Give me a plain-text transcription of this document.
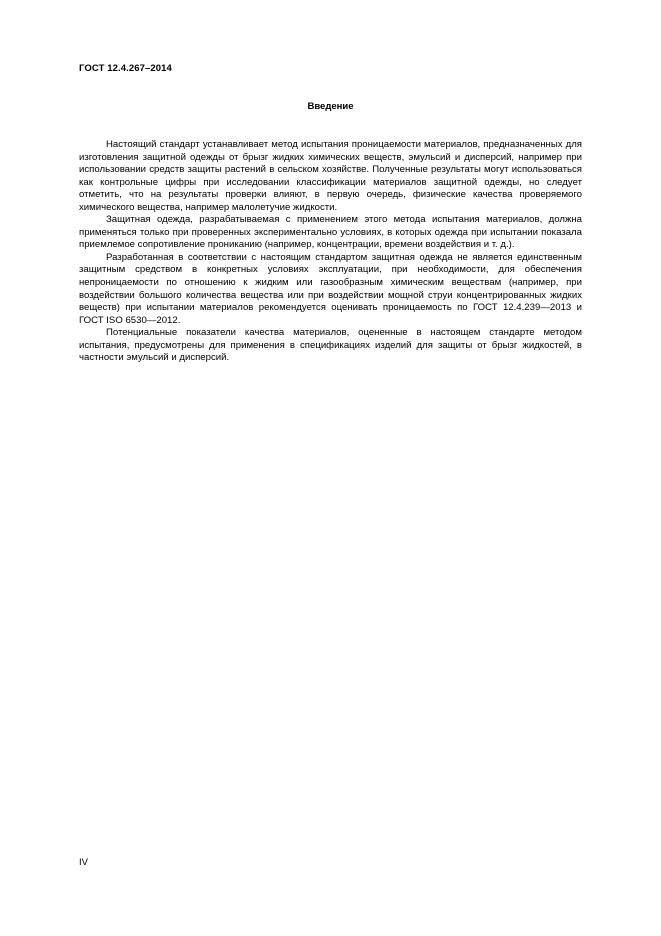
ГОСТ 12.4.267–2014
Введение

Настоящий стандарт устанавливает метод испытания проницаемости материалов, предназначенных для изготовления защитной одежды от брызг жидких химических веществ, эмульсий и дисперсий, например при использовании средств защиты растений в сельском хозяйстве. Полученные результаты могут использоваться как контрольные цифры при исследовании классификации материалов защитной одежды, но следует отметить, что на результаты проверки влияют, в первую очередь, физические качества проверяемого химического вещества, например малолетучие жидкости.

Защитная одежда, разрабатываемая с применением этого метода испытания материалов, должна применяться только при проверенных экспериментально условиях, в которых одежда при испытании показала приемлемое сопротивление прониканию (например, концентрации, времени воздействия и т. д.).

Разработанная в соответствии с настоящим стандартом защитная одежда не является единственным защитным средством в конкретных условиях эксплуатации, при необходимости, для обеспечения непроницаемости по отношению к жидким или газообразным химическим веществам (например, при воздействии большого количества вещества или при воздействии мощной струи концентрированных жидких веществ) при испытании материалов рекомендуется оценивать проницаемость по ГОСТ 12.4.239—2013 и ГОСТ ISO 6530—2012.

Потенциальные показатели качества материалов, оцененные в настоящем стандарте методом испытания, предусмотрены для применения в спецификациях изделий для защиты от брызг жидкостей, в частности эмульсий и дисперсий.

IV
